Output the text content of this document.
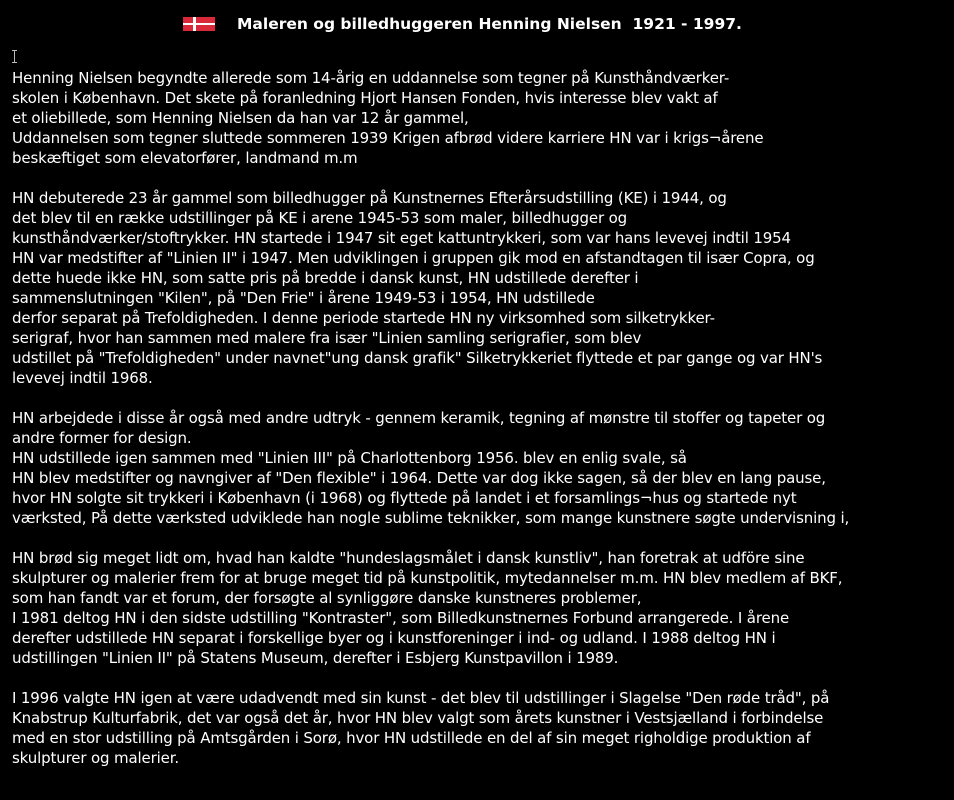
Maleren og billedhuggeren Henning Nielsen  1921 - 1997.
Henning Nielsen begyndte allerede som 14-årig en uddannelse som tegner på Kunsthåndværker-
skolen i København. Det skete på foranledning Hjort Hansen Fonden, hvis interesse blev vakt af
et oliebillede, som Henning Nielsen da han var 12 år gammel,
Uddannelsen som tegner sluttede sommeren 1939 Krigen afbrød videre karriere HN var i krigs¬årene
beskæftiget som elevatorfører, landmand m.m
HN debuterede 23 år gammel som billedhugger på Kunstnernes Efterårsudstilling (KE) i 1944, og
det blev til en række udstillinger på KE i arene 1945-53 som maler, billedhugger og
kunsthåndværker/stoftrykker. HN startede i 1947 sit eget kattuntrykkeri, som var hans levevej indtil 1954
HN var medstifter af "Linien II" i 1947. Men udviklingen i gruppen gik mod en afstandtagen til især Copra, og
dette huede ikke HN, som satte pris på bredde i dansk kunst, HN udstillede derefter i
sammenslutningen "Kilen", på "Den Frie" i årene 1949-53 i 1954, HN udstillede
derfor separat på Trefoldigheden. I denne periode startede HN ny virksomhed som silketrykker-
serigraf, hvor han sammen med malere fra især "Linien samling serigrafier, som blev
udstillet på "Trefoldigheden" under navnet"ung dansk grafik" Silketrykkeriet flyttede et par gange og var HN's
levevej indtil 1968.
HN arbejdede i disse år også med andre udtryk - gennem keramik, tegning af mønstre til stoffer og tapeter og
andre former for design.
HN udstillede igen sammen med "Linien III" på Charlottenborg 1956. blev en enlig svale, så
HN blev medstifter og navngiver af "Den flexible" i 1964. Dette var dog ikke sagen, så der blev en lang pause,
hvor HN solgte sit trykkeri i København (i 1968) og flyttede på landet i et forsamlings¬hus og startede nyt
værksted, På dette værksted udviklede han nogle sublime teknikker, som mange kunstnere søgte undervisning i,
HN brød sig meget lidt om, hvad han kaldte "hundeslagsmålet i dansk kunstliv", han foretrak at udföre sine
skulpturer og malerier frem for at bruge meget tid på kunstpolitik, mytedannelser m.m. HN blev medlem af BKF,
som han fandt var et forum, der forsøgte al synliggøre danske kunstneres problemer,
I 1981 deltog HN i den sidste udstilling "Kontraster", som Billedkunstnernes Forbund arrangerede. I årene
derefter udstillede HN separat i forskellige byer og i kunstforeninger i ind- og udland. I 1988 deltog HN i
udstillingen "Linien II" på Statens Museum, derefter i Esbjerg Kunstpavillon i 1989.
I 1996 valgte HN igen at være udadvendt med sin kunst - det blev til udstillinger i Slagelse "Den røde tråd", på
Knabstrup Kulturfabrik, det var også det år, hvor HN blev valgt som årets kunstner i Vestsjælland i forbindelse
med en stor udstilling på Amtsgården i Sorø, hvor HN udstillede en del af sin meget righoldige produktion af
skulpturer og malerier.
